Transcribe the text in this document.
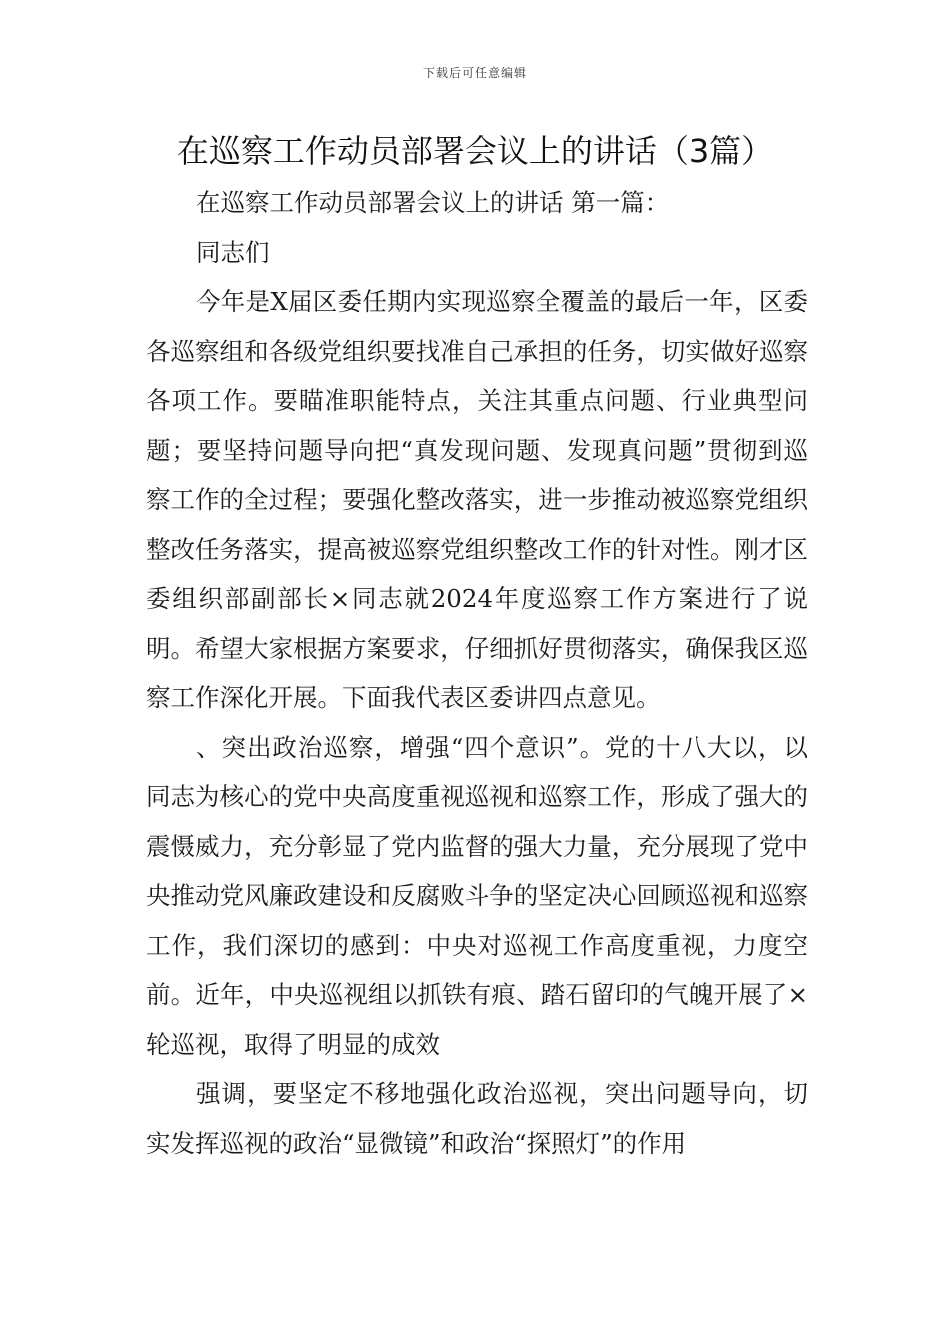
下载后可任意编辑
在巡察工作动员部署会议上的讲话（3篇）

在巡察工作动员部署会议上的讲话 第一篇：

同志们

今年是X届区委任期内实现巡察全覆盖的最后一年，区委各巡察组和各级党组织要找准自己承担的任务，切实做好巡察各项工作。要瞄准职能特点，关注其重点问题、行业典型问题；要坚持问题导向把“真发现问题、发现真问题”贯彻到巡察工作的全过程；要强化整改落实，进一步推动被巡察党组织整改任务落实，提高被巡察党组织整改工作的针对性。刚才区委组织部副部长×同志就2024年度巡察工作方案进行了说明。希望大家根据方案要求，仔细抓好贯彻落实，确保我区巡察工作深化开展。下面我代表区委讲四点意见。

、突出政治巡察，增强“四个意识”。党的十八大以，以同志为核心的党中央高度重视巡视和巡察工作，形成了强大的震慑威力，充分彰显了党内监督的强大力量，充分展现了党中央推动党风廉政建设和反腐败斗争的坚定决心回顾巡视和巡察工作，我们深切的感到：中央对巡视工作高度重视，力度空前。近年，中央巡视组以抓铁有痕、踏石留印的气魄开展了×轮巡视，取得了明显的成效

强调，要坚定不移地强化政治巡视，突出问题导向，切实发挥巡视的政治“显微镜”和政治“探照灯”的作用
